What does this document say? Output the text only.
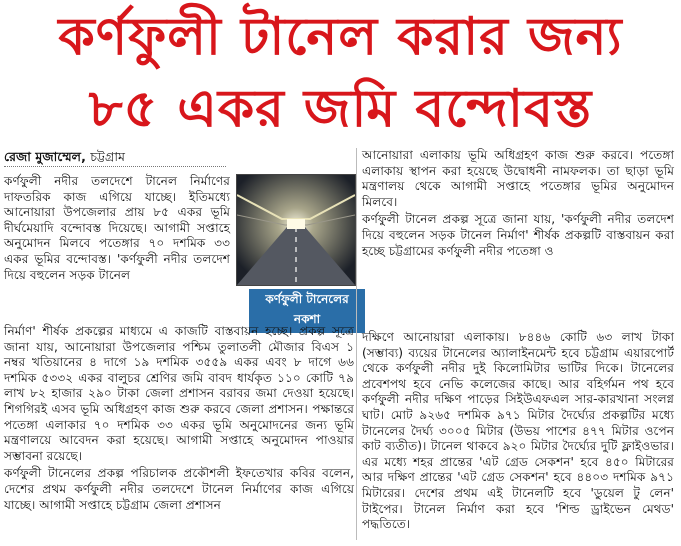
কর্ণফুলী টানেল করার জন্য
৮৫ একর জমি বন্দোবস্ত
রেজা মুজাম্মেল, চট্টগ্রাম

কর্ণফুলী নদীর তলদেশে টানেল নির্মাণের দাফতরিক কাজ এগিয়ে যাচ্ছে। ইতিমধ্যে আনোয়ারা উপজেলার প্রায় ৮৫ একর ভূমি দীর্ঘমেয়াদি বন্দোবস্ত দিয়েছে। আগামী সপ্তাহে অনুমোদন মিলবে পতেঙ্গার ৭০ দশমিক ৩৩ একর ভূমির বন্দোবস্ত। 'কর্ণফুলী নদীর তলদেশ দিয়ে বহুলেন সড়ক টানেল

কর্ণফুলী টানেলের নকশা

নির্মাণ' শীর্ষক প্রকল্পের মাধ্যমে এ কাজটি বাস্তবায়ন হচ্ছে। প্রকল্প সূত্রে জানা যায়, আনোয়ারা উপজেলার পশ্চিম তুলাতলী মৌজার বিএস ১ নম্বর খতিয়ানের ৪ দাগে ১৯ দশমিক ৩৫৫৯ একর এবং ৮ দাগে ৬৬ দশমিক ৫৩৩২ একর বালুচর শ্রেণির জমি বাবদ ধার্যকৃত ১১০ কোটি ৭৯ লাখ ৮২ হাজার ২৯০ টাকা জেলা প্রশাসন বরাবর জমা দেওয়া হয়েছে। শিগগিরই এসব ভূমি অধিগ্রহণ কাজ শুরু করবে জেলা প্রশাসন। পক্ষান্তরে পতেঙ্গা এলাকার ৭০ দশমিক ৩৩ একর ভূমি অনুমোদনের জন্য ভূমি মন্ত্রণালয়ে আবেদন করা হয়েছে। আগামী সপ্তাহে অনুমোদন পাওয়ার সম্ভাবনা রয়েছে।

কর্ণফুলী টানেলের প্রকল্প পরিচালক প্রকৌশলী ইফতেখার কবির বলেন, দেশের প্রথম কর্ণফুলী নদীর তলদেশে টানেল নির্মাণের কাজ এগিয়ে যাচ্ছে। আগামী সপ্তাহে চট্টগ্রাম জেলা প্রশাসন

আনোয়ারা এলাকায় ভূমি অধিগ্রহণ কাজ শুরু করবে। পতেঙ্গা এলাকায় স্থাপন করা হয়েছে উদ্বোধনী নামফলক। তা ছাড়া ভূমি মন্ত্রণালয় থেকে আগামী সপ্তাহে পতেঙ্গার ভূমির অনুমোদন মিলবে।

কর্ণফুলী টানেল প্রকল্প সূত্রে জানা যায়, 'কর্ণফুলী নদীর তলদেশ দিয়ে বহুলেন সড়ক টানেল নির্মাণ' শীর্ষক প্রকল্পটি বাস্তবায়ন করা হচ্ছে চট্টগ্রামের কর্ণফুলী নদীর পতেঙ্গা ও

দক্ষিণে আনোয়ারা এলাকায়। ৮৪৪৬ কোটি ৬৩ লাখ টাকা (সম্ভাব্য) ব্যয়ের টানেলের অ্যালাইনমেন্ট হবে চট্টগ্রাম এয়ারপোর্ট থেকে কর্ণফুলী নদীর দুই কিলোমিটার ভাটির দিকে। টানেলের প্রবেশপথ হবে নেভি কলেজের কাছে। আর বহির্গমন পথ হবে কর্ণফুলী নদীর দক্ষিণ পাড়ের সিইউএফএল সার-কারখানা সংলগ্ন ঘাট। মোট ৯২৬৫ দশমিক ৯৭১ মিটার দৈর্ঘ্যের প্রকল্পটির মধ্যে টানেলের দৈর্ঘ্য ৩০০৫ মিটার (উভয় পাশের ৪৭৭ মিটার ওপেন কাট ব্যতীত)। টানেল থাকবে ৯২০ মিটার দৈর্ঘ্যের দুটি ফ্লাইওভার। এর মধ্যে শহর প্রান্তের 'এট গ্রেড সেকশন' হবে ৪৫০ মিটারের আর দক্ষিণ প্রান্তের 'এট গ্রেড সেকশন' হবে ৪৪০৩ দশমিক ৯৭১ মিটারের। দেশের প্রথম এই টানেলটি হবে 'ডুয়েল টু লেন' টাইপের। টানেল নির্মাণ করা হবে 'শিল্ড ড্রাইভেন মেথড' পদ্ধতিতে।
